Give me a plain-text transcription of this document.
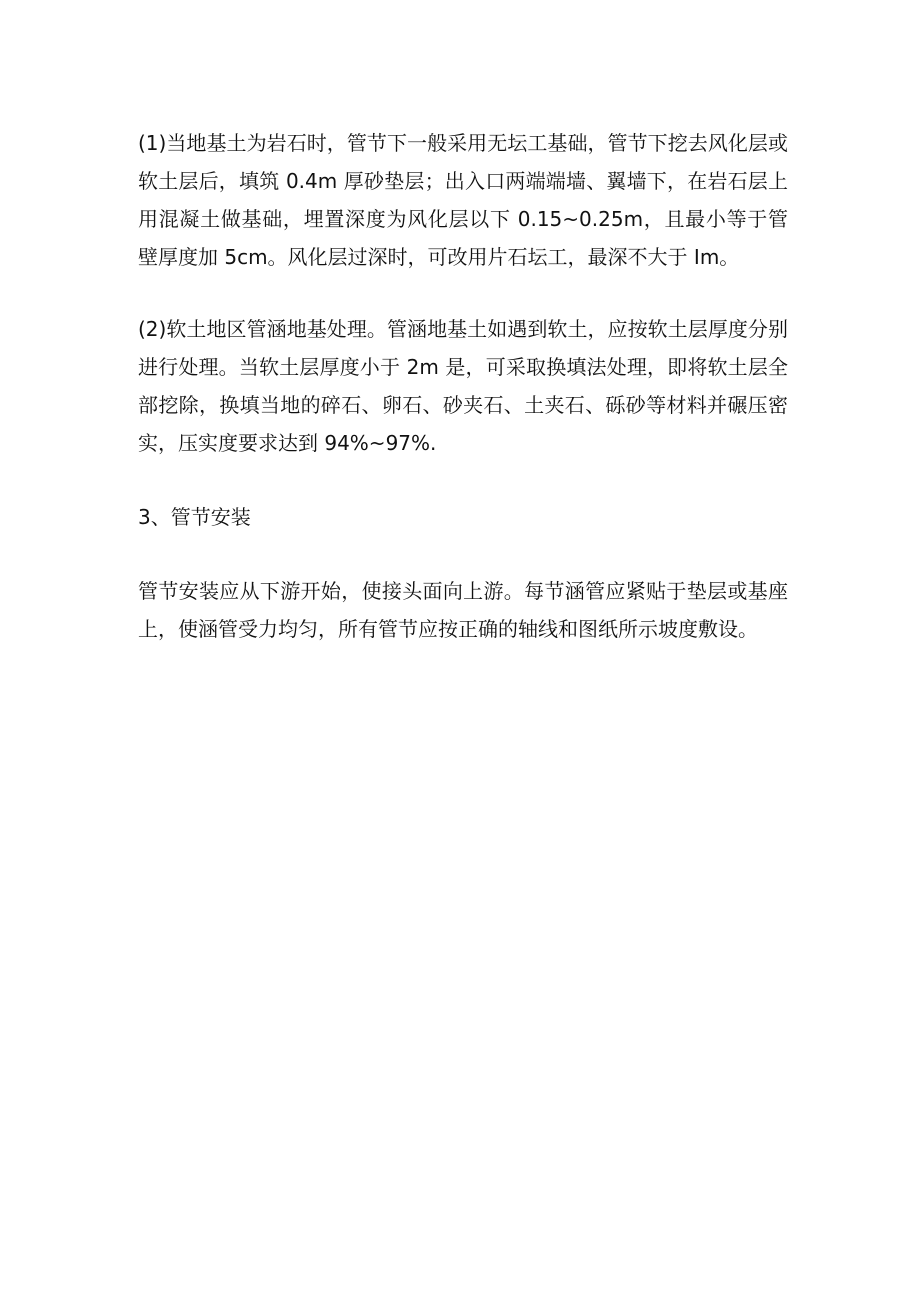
(1)当地基土为岩石时，管节下一般采用无坛工基础，管节下挖去风化层或软土层后，填筑 0.4m 厚砂垫层；出入口两端端墙、翼墙下，在岩石层上用混凝土做基础，埋置深度为风化层以下 0.15~0.25m，且最小等于管壁厚度加 5cm。风化层过深时，可改用片石坛工，最深不大于 Im。

(2)软土地区管涵地基处理。管涵地基土如遇到软土，应按软土层厚度分别进行处理。当软土层厚度小于 2m 是，可采取换填法处理，即将软土层全部挖除，换填当地的碎石、卵石、砂夹石、土夹石、砾砂等材料并碾压密实，压实度要求达到 94%~97%.

3、管节安装

管节安装应从下游开始，使接头面向上游。每节涵管应紧贴于垫层或基座上，使涵管受力均匀，所有管节应按正确的轴线和图纸所示坡度敷设。
